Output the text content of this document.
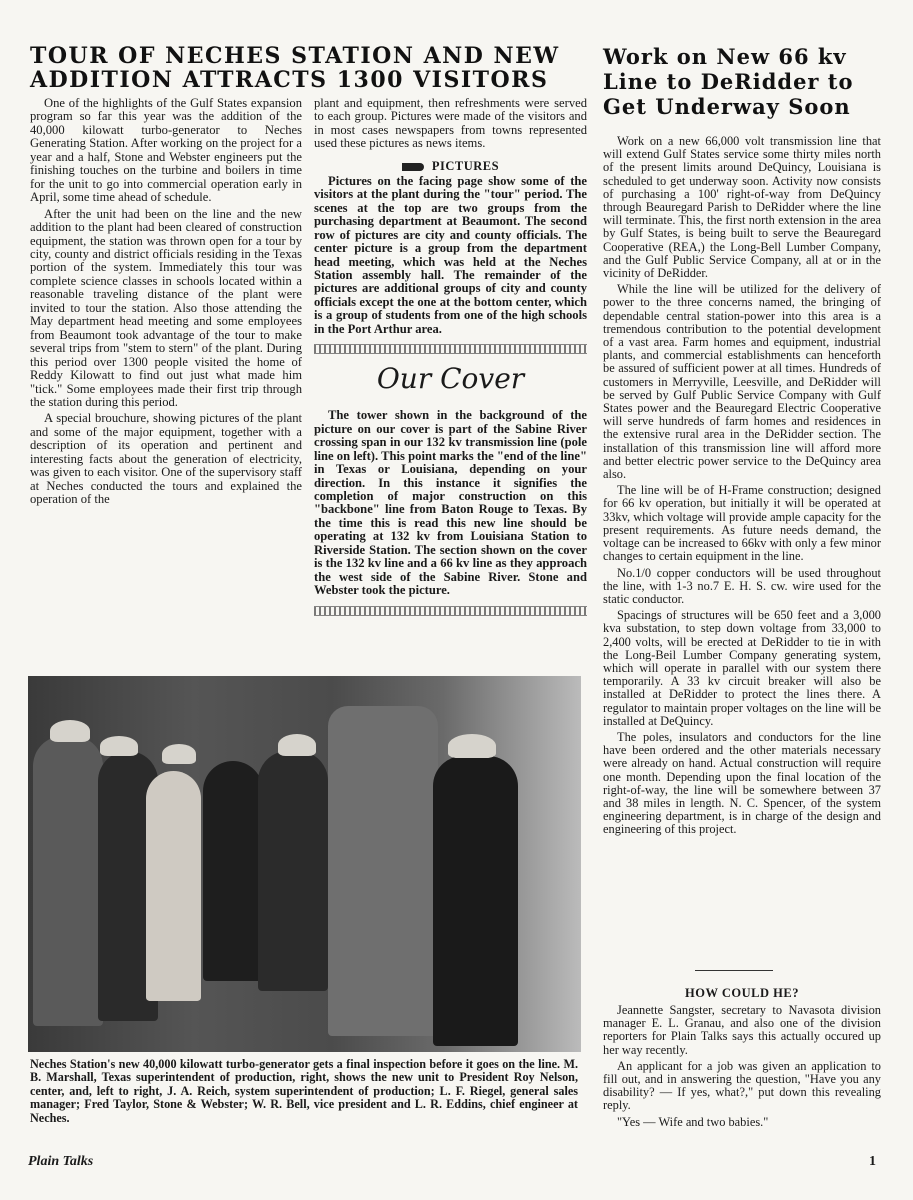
TOUR OF NECHES STATION AND NEW
ADDITION ATTRACTS 1300 VISITORS
Work on New 66 kv
Line to DeRidder to
Get Underway Soon

One of the highlights of the Gulf States expansion program so far this year was the addition of the 40,000 kilowatt turbo-generator to Neches Generating Station. After working on the project for a year and a half, Stone and Webster engineers put the finishing touches on the turbine and boilers in time for the unit to go into commercial operation early in April, some time ahead of schedule.

After the unit had been on the line and the new addition to the plant had been cleared of construction equipment, the station was thrown open for a tour by city, county and district officials residing in the Texas portion of the system. Immediately this tour was complete science classes in schools located within a reasonable traveling distance of the plant were invited to tour the station. Also those attending the May department head meeting and some employees from Beaumont took advantage of the tour to make several trips from "stem to stern" of the plant. During this period over 1300 people visited the home of Reddy Kilowatt to find out just what made him "tick." Some employees made their first trip through the station during this period.

A special brouchure, showing pictures of the plant and some of the major equipment, together with a description of its operation and pertinent and interesting facts about the generation of electricity, was given to each visitor. One of the supervisory staff at Neches conducted the tours and explained the operation of the

plant and equipment, then refreshments were served to each group. Pictures were made of the visitors and in most cases newspapers from towns represented used these pictures as news items.

PICTURES

Pictures on the facing page show some of the visitors at the plant during the "tour" period. The scenes at the top are two groups from the purchasing department at Beaumont. The second row of pictures are city and county officials. The center picture is a group from the department head meeting, which was held at the Neches Station assembly hall. The remainder of the pictures are additional groups of city and county officials except the one at the bottom center, which is a group of students from one of the high schools in the Port Arthur area.

Our Cover

The tower shown in the background of the picture on our cover is part of the Sabine River crossing span in our 132 kv transmission line (pole line on left). This point marks the "end of the line" in Texas or Louisiana, depending on your direction. In this instance it signifies the completion of major construction on this "backbone" line from Baton Rouge to Texas. By the time this is read this new line should be operating at 132 kv from Louisiana Station to Riverside Station. The section shown on the cover is the 132 kv line and a 66 kv line as they approach the west side of the Sabine River. Stone and Webster took the picture.

Neches Station's new 40,000 kilowatt turbo-generator gets a final inspection before it goes on the line. M. B. Marshall, Texas superintendent of production, right, shows the new unit to President Roy Nelson, center, and, left to right, J. A. Reich, system superintendent of production; L. F. Riegel, general sales manager; Fred Taylor, Stone & Webster; W. R. Bell, vice president and L. R. Eddins, chief engineer at Neches.

Work on a new 66,000 volt transmission line that will extend Gulf States service some thirty miles north of the present limits around DeQuincy, Louisiana is scheduled to get underway soon. Activity now consists of purchasing a 100' right-of-way from DeQuincy through Beauregard Parish to DeRidder where the line will terminate. This, the first north extension in the area by Gulf States, is being built to serve the Beauregard Cooperative (REA,) the Long-Bell Lumber Company, and the Gulf Public Service Company, all at or in the vicinity of DeRidder.

While the line will be utilized for the delivery of power to the three concerns named, the bringing of dependable central station-power into this area is a tremendous contribution to the potential development of a vast area. Farm homes and equipment, industrial plants, and commercial establishments can henceforth be assured of sufficient power at all times. Hundreds of customers in Merryville, Leesville, and DeRidder will be served by Gulf Public Service Company with Gulf States power and the Beauregard Electric Cooperative will serve hundreds of farm homes and residences in the extensive rural area in the DeRidder section. The installation of this transmission line will afford more and better electric power service to the DeQuincy area also.

The line will be of H-Frame construction; designed for 66 kv operation, but initially it will be operated at 33kv, which voltage will provide ample capacity for the present requirements. As future needs demand, the voltage can be increased to 66kv with only a few minor changes to certain equipment in the line.

No.1/0 copper conductors will be used throughout the line, with 1-3 no.7 E. H. S. cw. wire used for the static conductor.

Spacings of structures will be 650 feet and a 3,000 kva substation, to step down voltage from 33,000 to 2,400 volts, will be erected at DeRidder to tie in with the Long-Beil Lumber Company generating system, which will operate in parallel with our system there temporarily. A 33 kv circuit breaker will also be installed at DeRidder to protect the lines there. A regulator to maintain proper voltages on the line will be installed at DeQuincy.

The poles, insulators and conductors for the line have been ordered and the other materials necessary were already on hand. Actual construction will require one month. Depending upon the final location of the right-of-way, the line will be somewhere between 37 and 38 miles in length. N. C. Spencer, of the system engineering department, is in charge of the design and engineering of this project.

HOW COULD HE?

Jeannette Sangster, secretary to Navasota division manager E. L. Granau, and also one of the division reporters for Plain Talks says this actually occured up her way recently.

An applicant for a job was given an application to fill out, and in answering the question, "Have you any disability? — If yes, what?," put down this revealing reply.

"Yes — Wife and two babies."

Plain Talks	1
